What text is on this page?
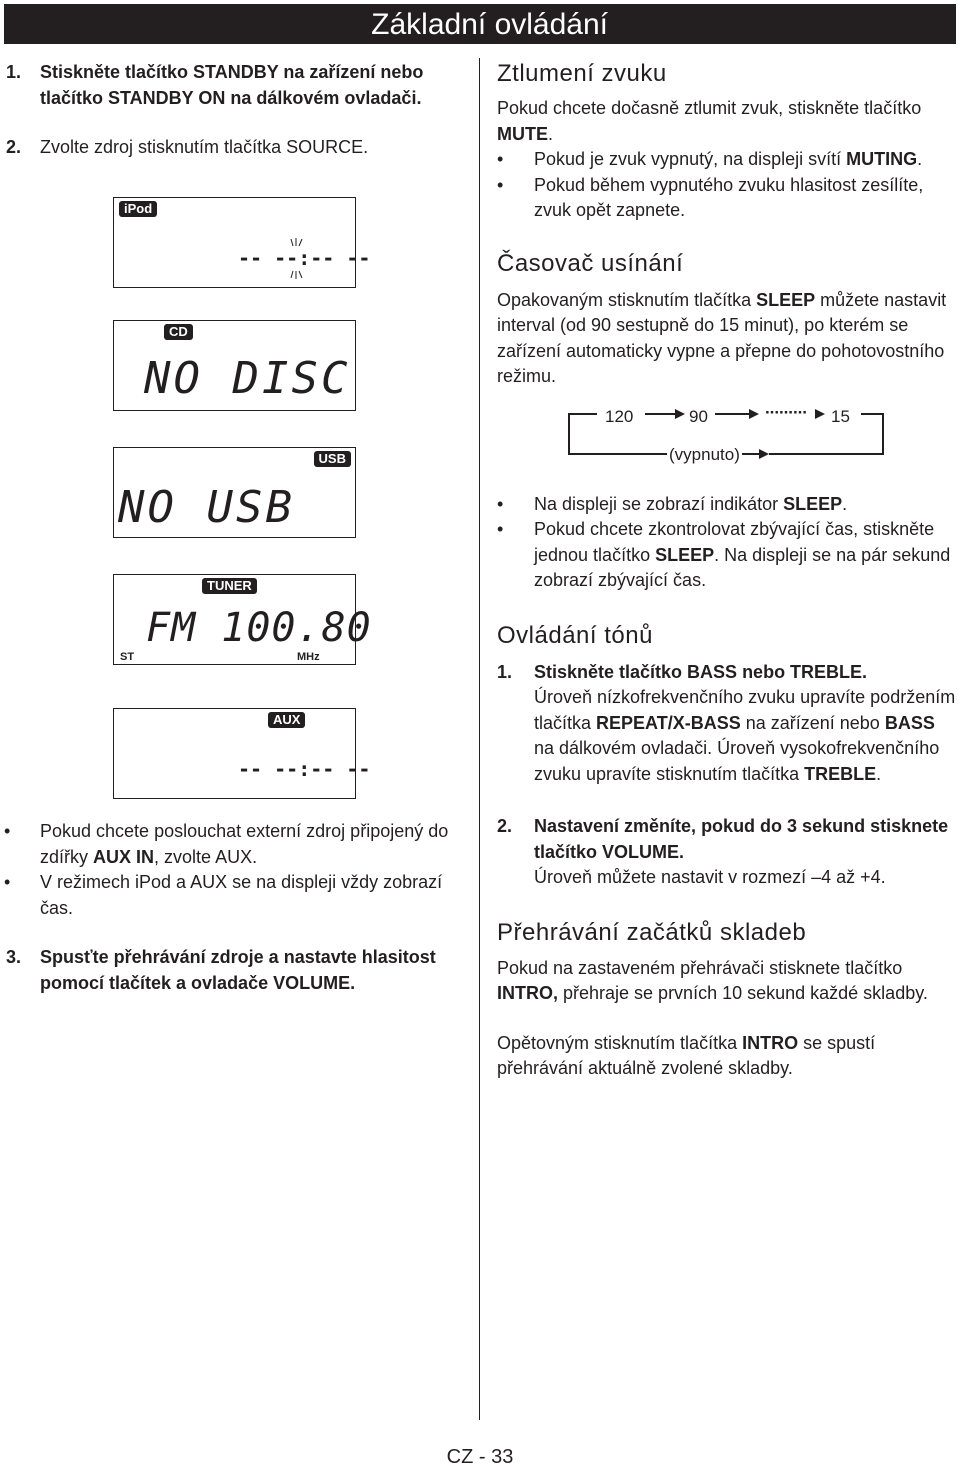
Základní ovládání
1. Stiskněte tlačítko STANDBY na zařízení nebo tlačítko STANDBY ON na dálkovém ovladači.
2. Zvolte zdroj stisknutím tlačítka SOURCE.
iPod
-- --:-- --
CD
NO DISC
USB
NO USB
TUNER
FM 100.80
ST	MHz
AUX
-- --:-- --
• Pokud chcete poslouchat externí zdroj připojený do zdířky AUX IN, zvolte AUX.
• V režimech iPod a AUX se na displeji vždy zobrazí čas.
3. Spusťte přehrávání zdroje a nastavte hlasitost pomocí tlačítek a ovladače VOLUME.
Ztlumení zvuku

Pokud chcete dočasně ztlumit zvuk, stiskněte tlačítko MUTE.

• Pokud je zvuk vypnutý, na displeji svítí MUTING.
• Pokud během vypnutého zvuku hlasitost zesílíte, zvuk opět zapnete.
Časovač usínání

Opakovaným stisknutím tlačítka SLEEP můžete nastavit interval (od 90 sestupně do 15 minut), po kterém se zařízení automaticky vypne a přepne do pohotovostního režimu.

120	90	········· 15
(vypnuto)
• Na displeji se zobrazí indikátor SLEEP.
• Pokud chcete zkontrolovat zbývající čas, stiskněte jednou tlačítko SLEEP. Na displeji se na pár sekund zobrazí zbývající čas.
Ovládání tónů
1. Stiskněte tlačítko BASS nebo TREBLE.
Úroveň nízkofrekvenčního zvuku upravíte podržením tlačítka REPEAT/X-BASS na zařízení nebo BASS na dálkovém ovladači. Úroveň vysokofrekvenčního zvuku upravíte stisknutím tlačítka TREBLE.
2. Nastavení změníte, pokud do 3 sekund stisknete tlačítko VOLUME.
Úroveň můžete nastavit v rozmezí –4 až +4.
Přehrávání začátků skladeb

Pokud na zastaveném přehrávači stisknete tlačítko INTRO, přehraje se prvních 10 sekund každé skladby.

Opětovným stisknutím tlačítka INTRO se spustí přehrávání aktuálně zvolené skladby.

CZ - 33
